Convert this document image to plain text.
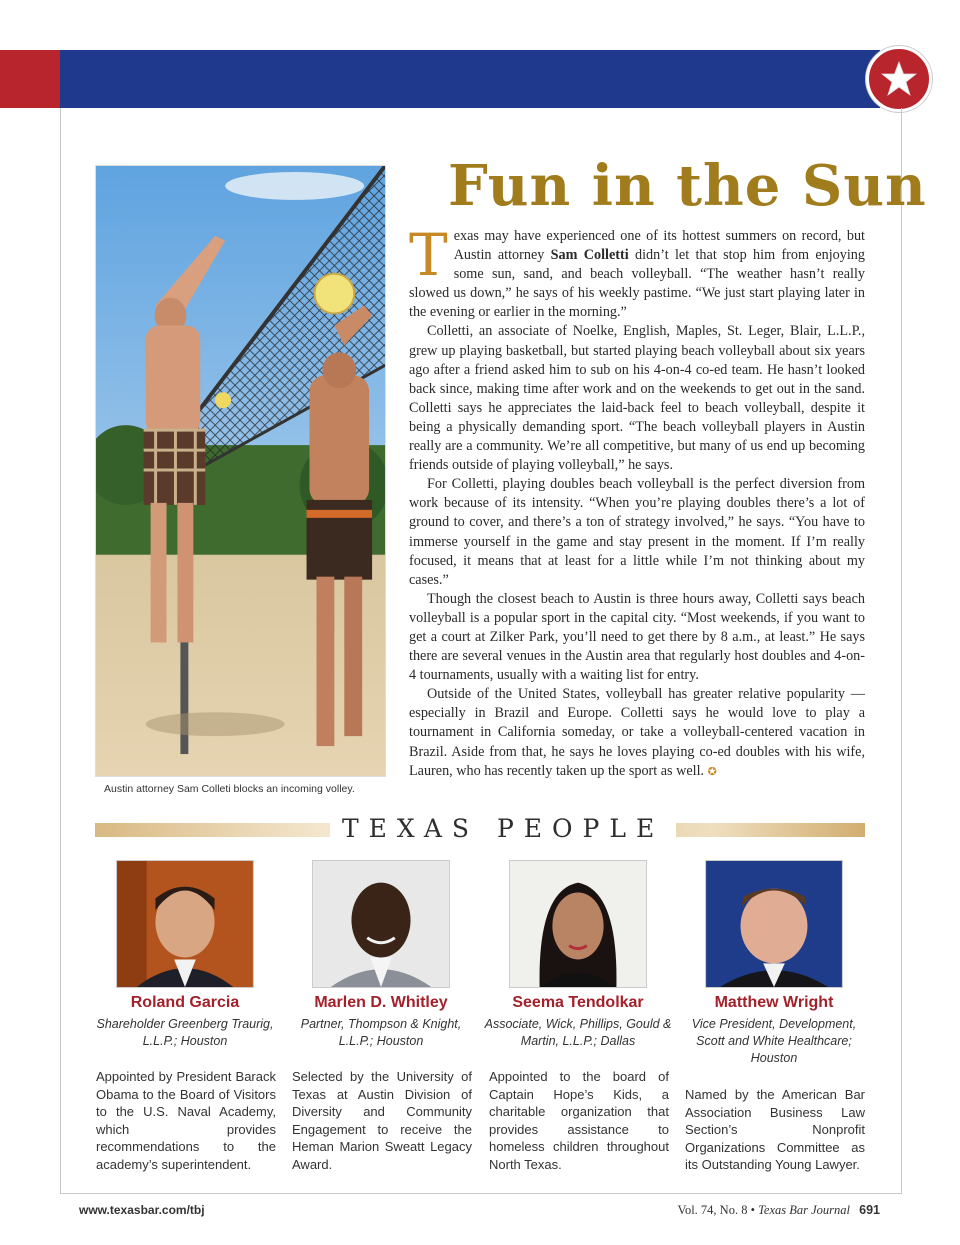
Austin attorney Sam Colleti blocks an incoming volley.
Fun in the Sun

Texas may have experienced one of its hottest summers on record, but Austin attorney Sam Colletti didn’t let that stop him from enjoying some sun, sand, and beach volleyball. “The weather hasn’t really slowed us down,” he says of his weekly pastime. “We just start playing later in the evening or earlier in the morning.”

Colletti, an associate of Noelke, English, Maples, St. Leger, Blair, L.L.P., grew up playing basketball, but started playing beach volleyball about six years ago after a friend asked him to sub on his 4-on-4 co-ed team. He hasn’t looked back since, making time after work and on the weekends to get out in the sand. Colletti says he appreciates the laid-back feel to beach volleyball, despite it being a physically demanding sport. “The beach volleyball players in Austin really are a community. We’re all competitive, but many of us end up becoming friends outside of playing volleyball,” he says.

For Colletti, playing doubles beach volleyball is the perfect diversion from work because of its intensity. “When you’re playing doubles there’s a lot of ground to cover, and there’s a ton of strategy involved,” he says. “You have to immerse yourself in the game and stay present in the moment. If I’m really focused, it means that at least for a little while I’m not thinking about my cases.”

Though the closest beach to Austin is three hours away, Colletti says beach volleyball is a popular sport in the capital city. “Most weekends, if you want to get a court at Zilker Park, you’ll need to get there by 8 a.m., at least.” He says there are several venues in the Austin area that regularly host doubles and 4-on-4 tournaments, usually with a waiting list for entry.

Outside of the United States, volleyball has greater relative popularity — especially in Brazil and Europe. Colletti says he would love to play a tournament in California someday, or take a volleyball-centered vacation in Brazil. Aside from that, he says he loves playing co-ed doubles with his wife, Lauren, who has recently taken up the sport as well. ✪

TEXAS PEOPLE
Roland Garcia
Shareholder Greenberg Traurig, L.L.P.; Houston
Appointed by President Barack Obama to the Board of Visitors to the U.S. Naval Academy, which provides recommendations to the academy’s superintendent.
Marlen D. Whitley
Partner, Thompson & Knight, L.L.P.; Houston
Selected by the University of Texas at Austin Division of Diversity and Community Engagement to receive the Heman Marion Sweatt Legacy Award.
Seema Tendolkar
Associate, Wick, Phillips, Gould & Martin, L.L.P.; Dallas
Appointed to the board of Captain Hope’s Kids, a charitable organization that provides assistance to homeless children throughout North Texas.
Matthew Wright
Vice President, Development, Scott and White Healthcare; Houston
Named by the American Bar Association Business Law Section’s Nonprofit Organizations Committee as its Outstanding Young Lawyer.
www.texasbar.com/tbj	Vol. 74, No. 8 • Texas Bar Journal 691
